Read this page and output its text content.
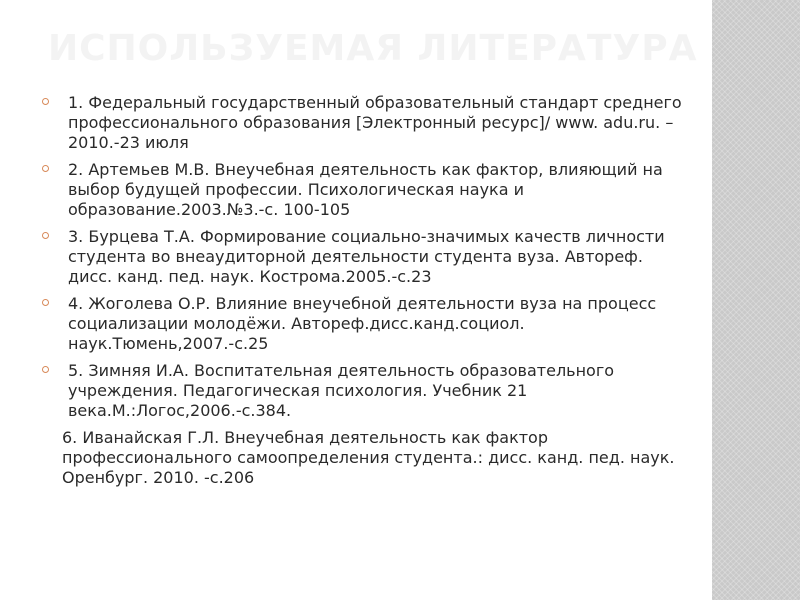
ИСПОЛЬЗУЕМАЯ ЛИТЕРАТУРА
1. Федеральный государственный образовательный стандарт среднего профессионального образования [Электронный ресурс]/ www. adu.ru. – 2010.-23 июля
2. Артемьев М.В. Внеучебная деятельность как фактор, влияющий на выбор будущей профессии. Психологическая наука и образование.2003.№3.-с. 100-105
3. Бурцева Т.А. Формирование социально-значимых качеств личности студента во внеаудиторной деятельности студента вуза. Автореф. дисс. канд. пед. наук. Кострома.2005.-с.23
4. Жоголева О.Р. Влияние внеучебной деятельности вуза на процесс социализации молодёжи. Автореф.дисс.канд.социол. наук.Тюмень,2007.-с.25
5. Зимняя И.А. Воспитательная деятельность образовательного учреждения. Педагогическая психология. Учебник 21 века.М.:Логос,2006.-с.384.
6. Иванайская Г.Л. Внеучебная деятельность как фактор профессионального самоопределения студента.: дисс. канд. пед. наук. Оренбург. 2010. -с.206
